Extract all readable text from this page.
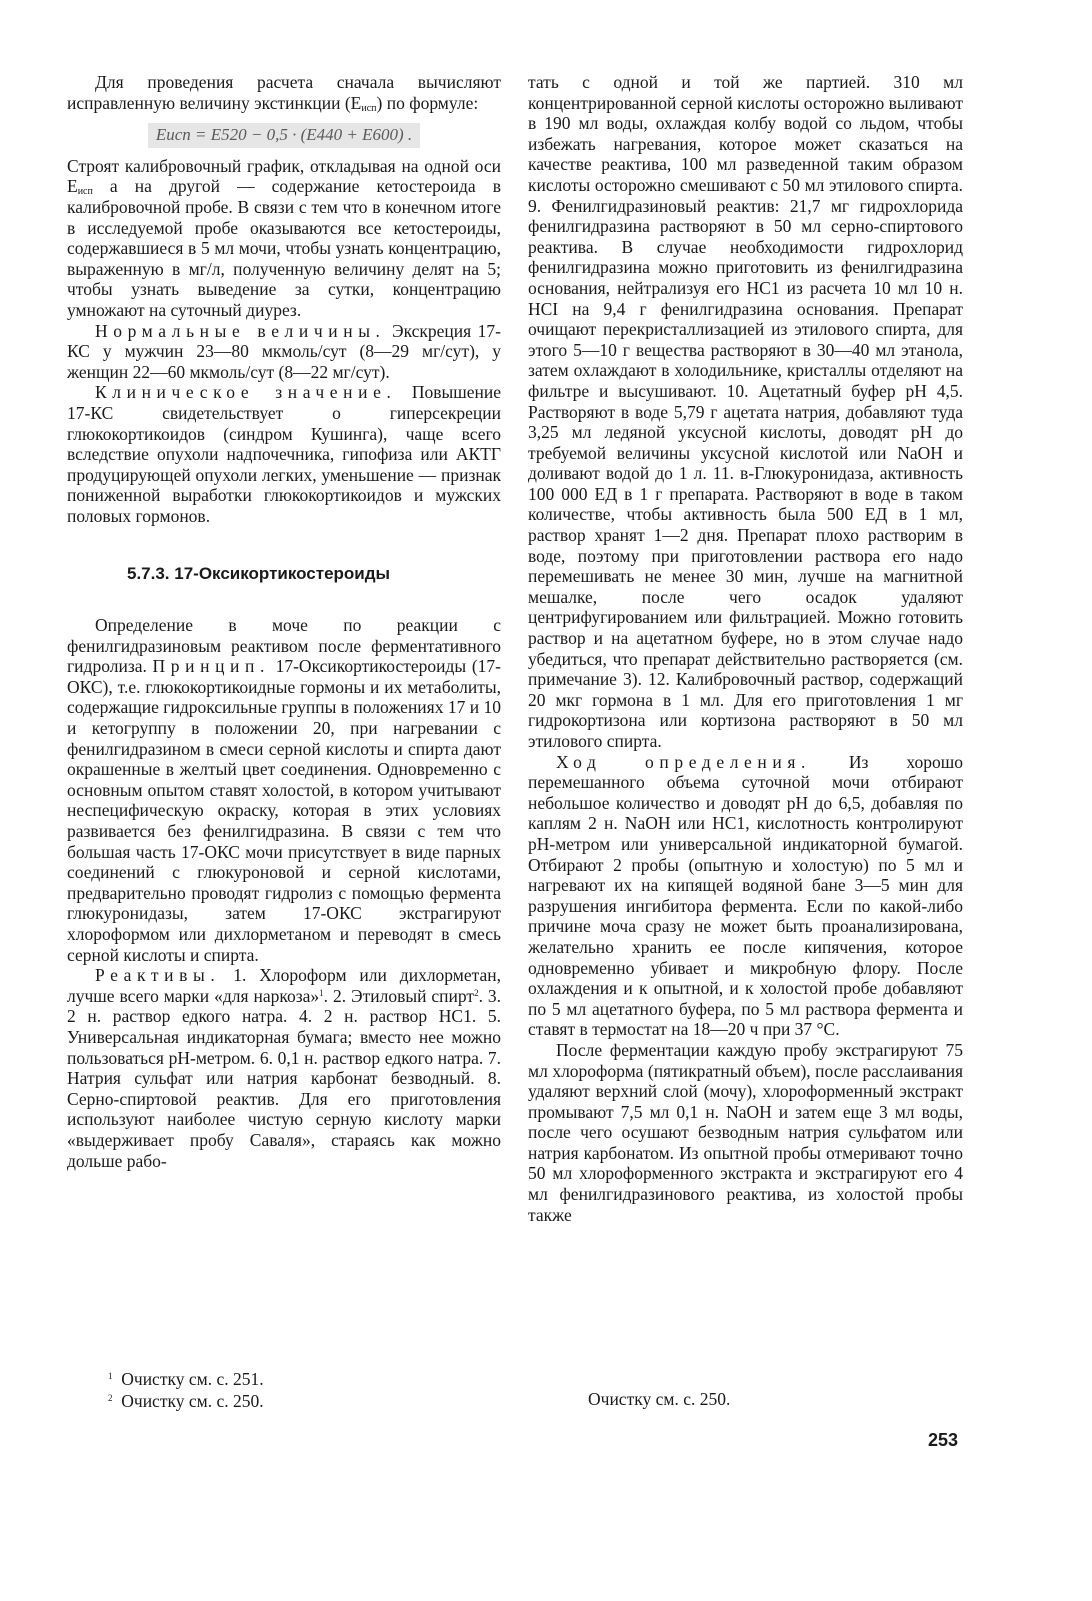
Для проведения расчета сначала вычисляют исправленную величину экстинкции $(E_{исп})$ по формуле:

Eисп = E520 − 0,5 · (E440 + E600) .

Строят калибровочный график, откладывая на одной оси $E_{исп}$ а на другой — содержание кетостероида в калибровочной пробе. В связи с тем что в конечном итоге в исследуемой пробе оказываются все кетостероиды, содержавшиеся в 5 мл мочи, чтобы узнать концентрацию, выраженную в мг/л, полученную величину делят на 5; чтобы узнать выведение за сутки, концентрацию умножают на суточный диурез.

Нормальные величины. Экскреция 17-КС у мужчин 23—80 мкмоль/сут (8—29 мг/сут), у женщин 22—60 мкмоль/сут (8—22 мг/сут).

Клиническое значение. Повышение 17-КС свидетельствует о гиперсекреции глюкокортикоидов (синдром Кушинга), чаще всего вследствие опухоли надпочечника, гипофиза или АКТГ продуцирующей опухоли легких, уменьшение — признак пониженной выработки глюкокортикоидов и мужских половых гормонов.

5.7.3. 17-Оксикортикостероиды

Определение в моче по реакции с фенилгидразиновым реактивом после ферментативного гидролиза. Принцип. 17-Оксикортикостероиды (17-ОКС), т.е. глюкокортикоидные гормоны и их метаболиты, содержащие гидроксильные группы в положениях 17 и 10 и кетогруппу в положении 20, при нагревании с фенилгидразином в смеси серной кислоты и спирта дают окрашенные в желтый цвет соединения. Одновременно с основным опытом ставят холостой, в котором учитывают неспецифическую окраску, которая в этих условиях развивается без фенилгидразина. В связи с тем что большая часть 17-ОКС мочи присутствует в виде парных соединений с глюкуроновой и серной кислотами, предварительно проводят гидролиз с помощью фермента глюкуронидазы, затем 17-ОКС экстрагируют хлороформом или дихлорметаном и переводят в смесь серной кислоты и спирта.

Реактивы. 1. Хлороформ или дихлорметан, лучше всего марки «для наркоза»$^1$. 2. Этиловый спирт$^2$. 3. 2 н. раствор едкого натра. 4. 2 н. раствор НС1. 5. Универсальная индикаторная бумага; вместо нее можно пользоваться рН-метром. 6. 0,1 н. раствор едкого натра. 7. Натрия сульфат или натрия карбонат безводный. 8. Серно-спиртовой реактив. Для его приготовления используют наиболее чистую серную кислоту марки «выдерживает пробу Саваля», стараясь как можно дольше рабо-

тать с одной и той же партией. 310 мл концентрированной серной кислоты осторожно выливают в 190 мл воды, охлаждая колбу водой со льдом, чтобы избежать нагревания, которое может сказаться на качестве реактива, 100 мл разведенной таким образом кислоты осторожно смешивают с 50 мл этилового спирта. 9. Фенилгидразиновый реактив: 21,7 мг гидрохлорида фенилгидразина растворяют в 50 мл серно-спиртового реактива. В случае необходимости гидрохлорид фенилгидразина можно приготовить из фенилгидразина основания, нейтрализуя его НС1 из расчета 10 мл 10 н. НСI на 9,4 г фенилгидразина основания. Препарат очищают перекристаллизацией из этилового спирта, для этого 5—10 г вещества растворяют в 30—40 мл этанола, затем охлаждают в холодильнике, кристаллы отделяют на фильтре и высушивают. 10. Ацетатный буфер рН 4,5. Растворяют в воде 5,79 г ацетата натрия, добавляют туда 3,25 мл ледяной уксусной кислоты, доводят рН до требуемой величины уксусной кислотой или NaOH и доливают водой до 1 л. 11. в-Глюкуронидаза, активность 100 000 ЕД в 1 г препарата. Растворяют в воде в таком количестве, чтобы активность была 500 ЕД в 1 мл, раствор хранят 1—2 дня. Препарат плохо растворим в воде, поэтому при приготовлении раствора его надо перемешивать не менее 30 мин, лучше на магнитной мешалке, после чего осадок удаляют центрифугированием или фильтрацией. Можно готовить раствор и на ацетатном буфере, но в этом случае надо убедиться, что препарат действительно растворяется (см. примечание 3). 12. Калибровочный раствор, содержащий 20 мкг гормона в 1 мл. Для его приготовления 1 мг гидрокортизона или кортизона растворяют в 50 мл этилового спирта.

Ход определения. Из хорошо перемешанного объема суточной мочи отбирают небольшое количество и доводят рН до 6,5, добавляя по каплям 2 н. NaOH или НС1, кислотность контролируют рН-метром или универсальной индикаторной бумагой. Отбирают 2 пробы (опытную и холостую) по 5 мл и нагревают их на кипящей водяной бане 3—5 мин для разрушения ингибитора фермента. Если по какой-либо причине моча сразу не может быть проанализирована, желательно хранить ее после кипячения, которое одновременно убивает и микробную флору. После охлаждения и к опытной, и к холостой пробе добавляют по 5 мл ацетатного буфера, по 5 мл раствора фермента и ставят в термостат на 18—20 ч при 37 °С.

После ферментации каждую пробу экстрагируют 75 мл хлороформа (пятикратный объем), после расслаивания удаляют верхний слой (мочу), хлороформенный экстракт промывают 7,5 мл 0,1 н. NaOH и затем еще 3 мл воды, после чего осушают безводным натрия сульфатом или натрия карбонатом. Из опытной пробы отмеривают точно 50 мл хлороформенного экстракта и экстрагируют его 4 мл фенилгидразинового реактива, из холостой пробы также

$^1$ Очистку см. с. 251.
$^2$ Очистку см. с. 250.	Очистку см. с. 250.
253
